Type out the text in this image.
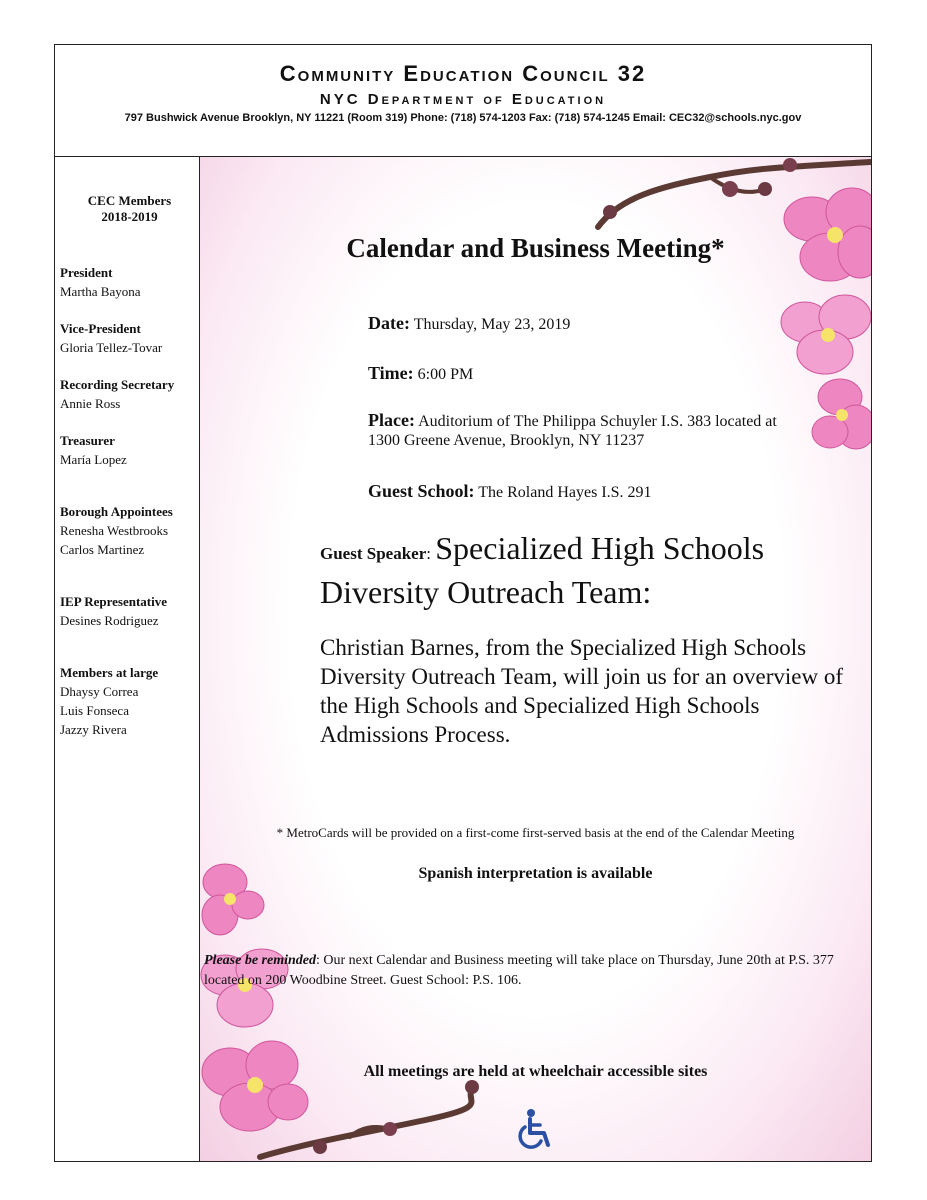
Community Education Council 32
NYC Department of Education
797 Bushwick Avenue Brooklyn, NY 11221 (Room 319) Phone: (718) 574-1203 Fax: (718) 574-1245 Email: CEC32@schools.nyc.gov
CEC Members
2018-2019
President
Martha Bayona
Vice-President
Gloria Tellez-Tovar
Recording Secretary
Annie Ross
Treasurer
María Lopez
Borough Appointees
Renesha Westbrooks
Carlos Martinez
IEP Representative
Desines Rodriguez
Members at large
Dhaysy Correa
Luis Fonseca
Jazzy Rivera
Calendar and Business Meeting*
Date: Thursday, May 23, 2019
Time: 6:00 PM
Place: Auditorium of The Philippa Schuyler I.S. 383 located at
1300 Greene Avenue, Brooklyn, NY 11237
Guest School: The Roland Hayes I.S. 291
Guest Speaker: Specialized High Schools
Diversity Outreach Team:
Christian Barnes, from the Specialized High Schools Diversity Outreach Team, will join us for an overview of the High Schools and Specialized High Schools Admissions Process.
* MetroCards will be provided on a first-come first-served basis at the end of the Calendar Meeting
Spanish interpretation is available
Please be reminded: Our next Calendar and Business meeting will take place on Thursday, June 20th at P.S. 377 located on 200 Woodbine Street. Guest School: P.S. 106.
All meetings are held at wheelchair accessible sites
